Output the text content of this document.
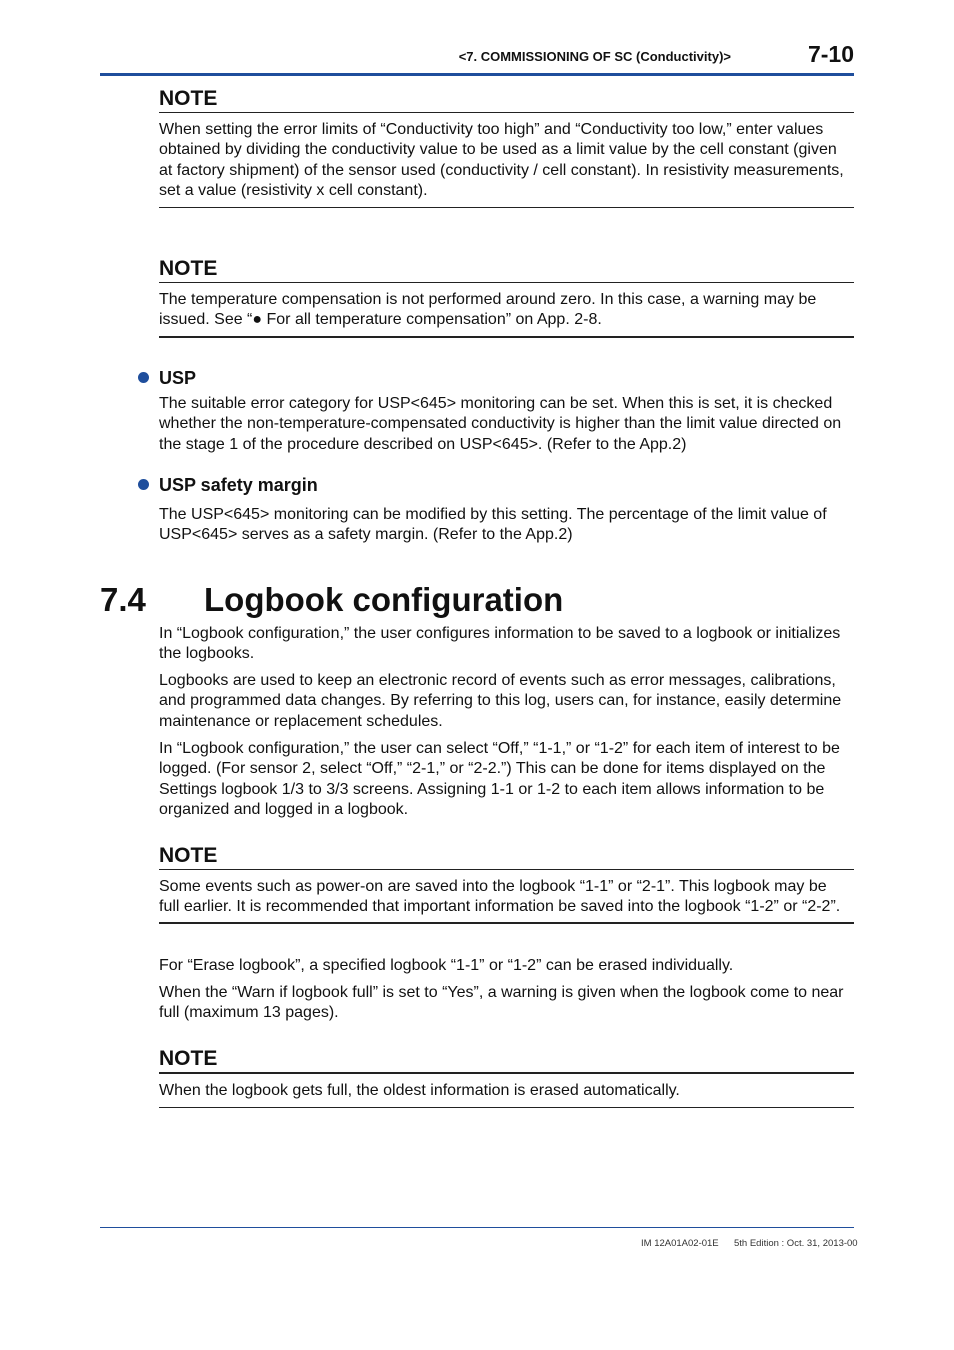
<7. COMMISSIONING OF SC (Conductivity)>	7-10
NOTE
When setting the error limits of “Conductivity too high” and “Conductivity too low,” enter values
obtained by dividing the conductivity value to be used as a limit value by the cell constant (given
at factory shipment) of the sensor used (conductivity / cell constant). In resistivity measurements,
set a value (resistivity x cell constant).
NOTE
The temperature compensation is not performed around zero. In this case, a warning may be
issued. See “● For all temperature compensation” on App. 2-8.
USP
The suitable error category for USP<645> monitoring can be set. When this is set, it is checked
whether the non-temperature-compensated conductivity is higher than the limit value directed on
the stage 1 of the procedure described on USP<645>. (Refer to the App.2)
USP safety margin
The USP<645> monitoring can be modified by this setting. The percentage of the limit value of
USP<645> serves as a safety margin. (Refer to the App.2)
7.4 Logbook configuration
In “Logbook configuration,” the user configures information to be saved to a logbook or initializes
the logbooks.
Logbooks are used to keep an electronic record of events such as error messages, calibrations,
and programmed data changes. By referring to this log, users can, for instance, easily determine
maintenance or replacement schedules.
In “Logbook configuration,” the user can select “Off,” “1-1,” or “1-2” for each item of interest to be
logged. (For sensor 2, select “Off,” “2-1,” or “2-2.”) This can be done for items displayed on the
Settings logbook 1/3 to 3/3 screens. Assigning 1-1 or 1-2 to each item allows information to be
organized and logged in a logbook.
NOTE
Some events such as power-on are saved into the logbook “1-1” or “2-1”. This logbook may be
full earlier. It is recommended that important information be saved into the logbook “1-2” or “2-2”.
For “Erase logbook”, a specified logbook “1-1” or “1-2” can be erased individually.
When the “Warn if logbook full” is set to “Yes”, a warning is given when the logbook come to near
full (maximum 13 pages).
NOTE
When the logbook gets full, the oldest information is erased automatically.
IM 12A01A02-01E 5th Edition : Oct. 31, 2013-00
